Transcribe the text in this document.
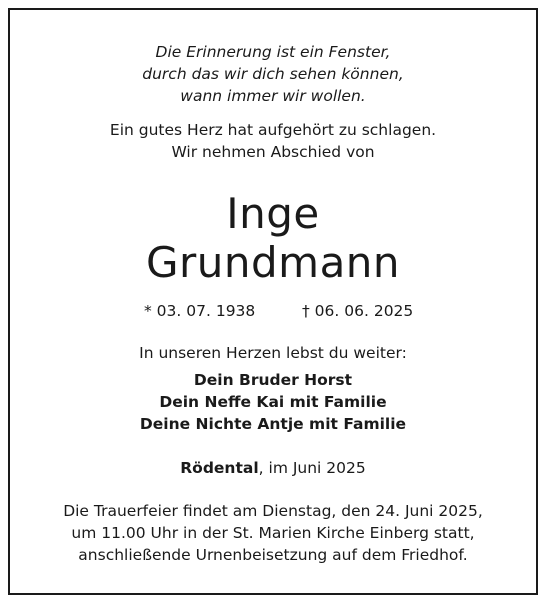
Die Erinnerung ist ein Fenster,
durch das wir dich sehen können,
wann immer wir wollen.
Ein gutes Herz hat aufgehört zu schlagen.
Wir nehmen Abschied von
Inge
Grundmann
* 03. 07. 1938	† 06. 06. 2025
In unseren Herzen lebst du weiter:
Dein Bruder Horst
Dein Neffe Kai mit Familie
Deine Nichte Antje mit Familie
Rödental, im Juni 2025
Die Trauerfeier findet am Dienstag, den 24. Juni 2025,
um 11.00 Uhr in der St. Marien Kirche Einberg statt,
anschließende Urnenbeisetzung auf dem Friedhof.
